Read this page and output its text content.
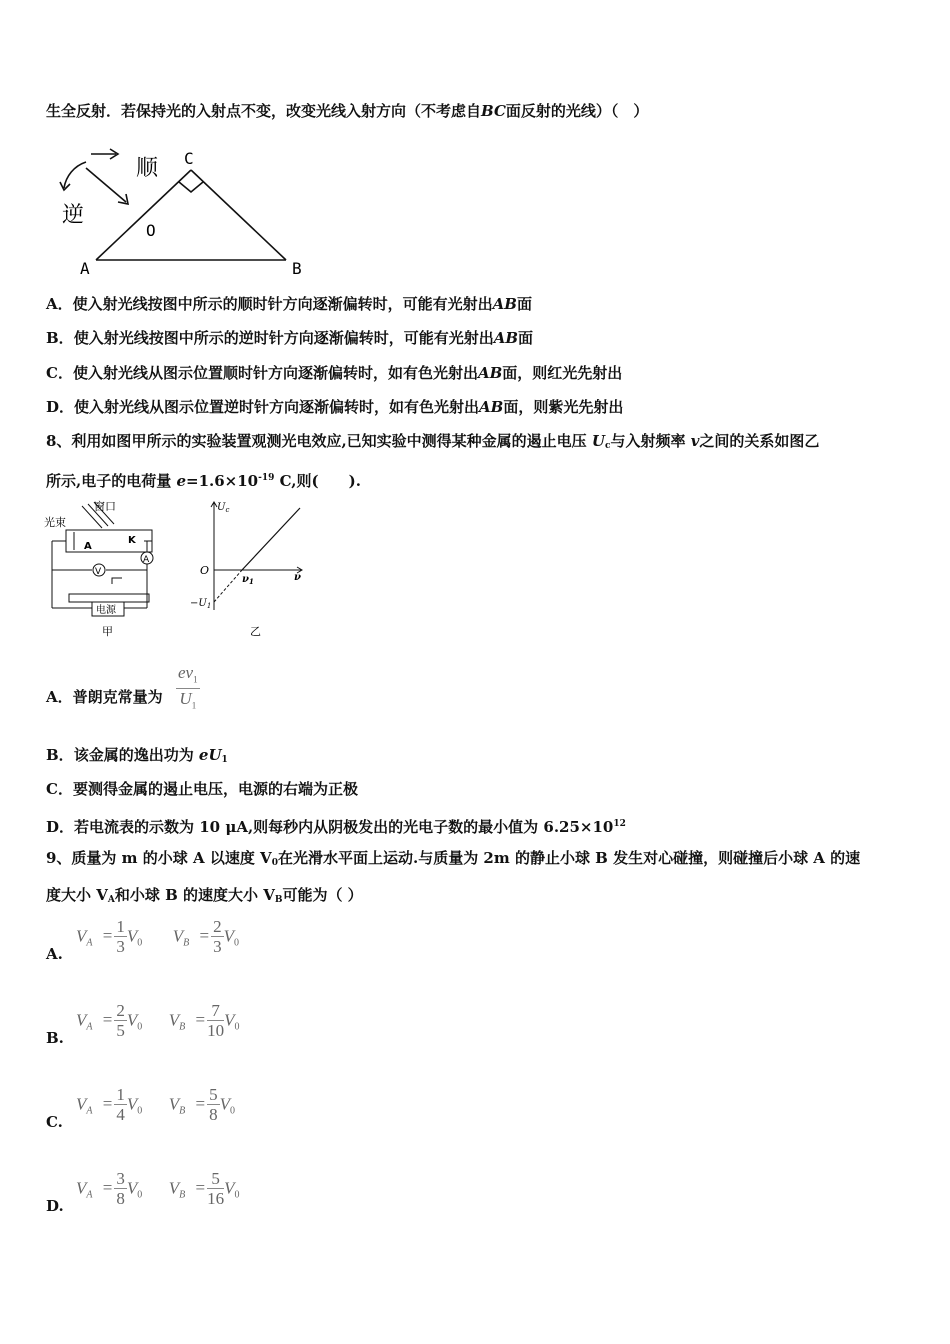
生全反射．若保持光的入射点不变，改变光线入射方向（不考虑自BC面反射的光线）（　）
顺
逆
C
O
A	B
A．使入射光线按图中所示的顺时针方向逐渐偏转时，可能有光射出AB面
B．使入射光线按图中所示的逆时针方向逐渐偏转时，可能有光射出AB面
C．使入射光线从图示位置顺时针方向逐渐偏转时，如有色光射出AB面，则红光先射出
D．使入射光线从图示位置逆时针方向逐渐偏转时，如有色光射出AB面，则紫光先射出
8、利用如图甲所示的实验装置观测光电效应,已知实验中测得某种金属的遏止电压 $U_c$与入射频率 v之间的关系如图乙
所示,电子的电荷量 $e=1.6\times 10^{-19}$ C,则(　　).
光束
窗口
A
K
A
V
电源
甲
$U_c$
O
$\nu_1$	ν
$-U_1$
乙
A．普朗克常量为 $\frac{ev_1}{U_1}$
B．该金属的逸出功为 $eU_1$
C．要测得金属的遏止电压，电源的右端为正极
D．若电流表的示数为 10 μA,则每秒内从阴极发出的光电子数的最小值为 $6.25\times 10^{12}$
9、质量为 m 的小球 A 以速度 $V_0$在光滑水平面上运动.与质量为 2m 的静止小球 B 发生对心碰撞，则碰撞后小球 A 的速
度大小 $V_A$和小球 B 的速度大小 $V_B$可能为（ ）
A.
$V_A = \frac{1}{3} V_0$ $V_B = \frac{2}{3} V_0$
B.
$V_A = \frac{2}{5} V_0$ $V_B = \frac{7}{10} V_0$
C.
$V_A = \frac{1}{4} V_0$ $V_B = \frac{5}{8} V_0$
D.
$V_A = \frac{3}{8} V_0$ $V_B = \frac{5}{16} V_0$
